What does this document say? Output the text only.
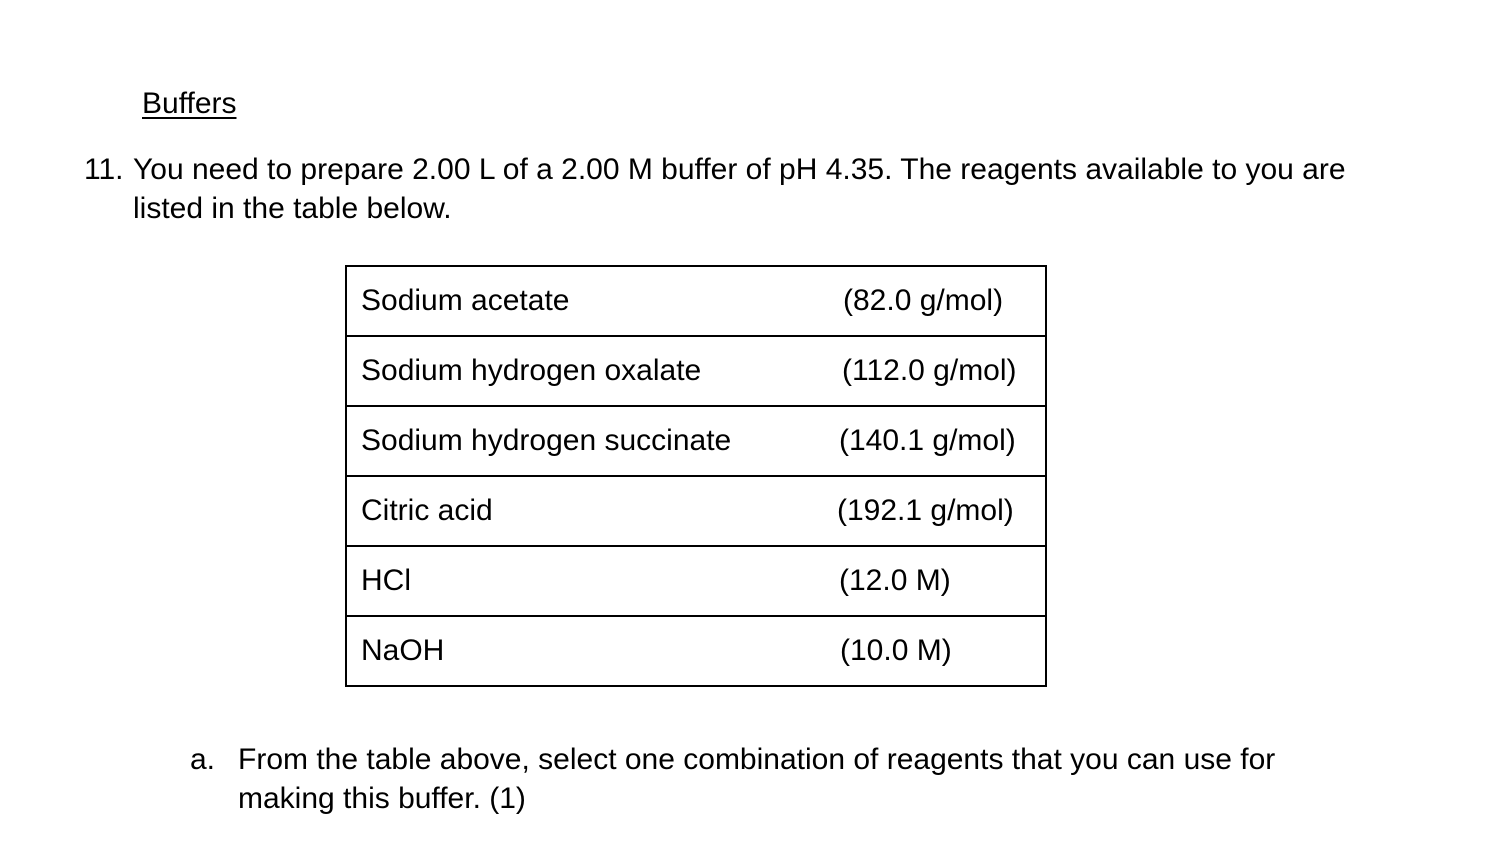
Buffers
11. You need to prepare 2.00 L of a 2.00 M buffer of pH 4.35. The reagents available to you are listed in the table below.
Sodium acetate	(82.0 g/mol)
Sodium hydrogen oxalate	(112.0 g/mol)
Sodium hydrogen succinate	(140.1 g/mol)
Citric acid	(192.1 g/mol)
HCl	(12.0 M)
NaOH	(10.0 M)
a. From the table above, select one combination of reagents that you can use for making this buffer. (1)
